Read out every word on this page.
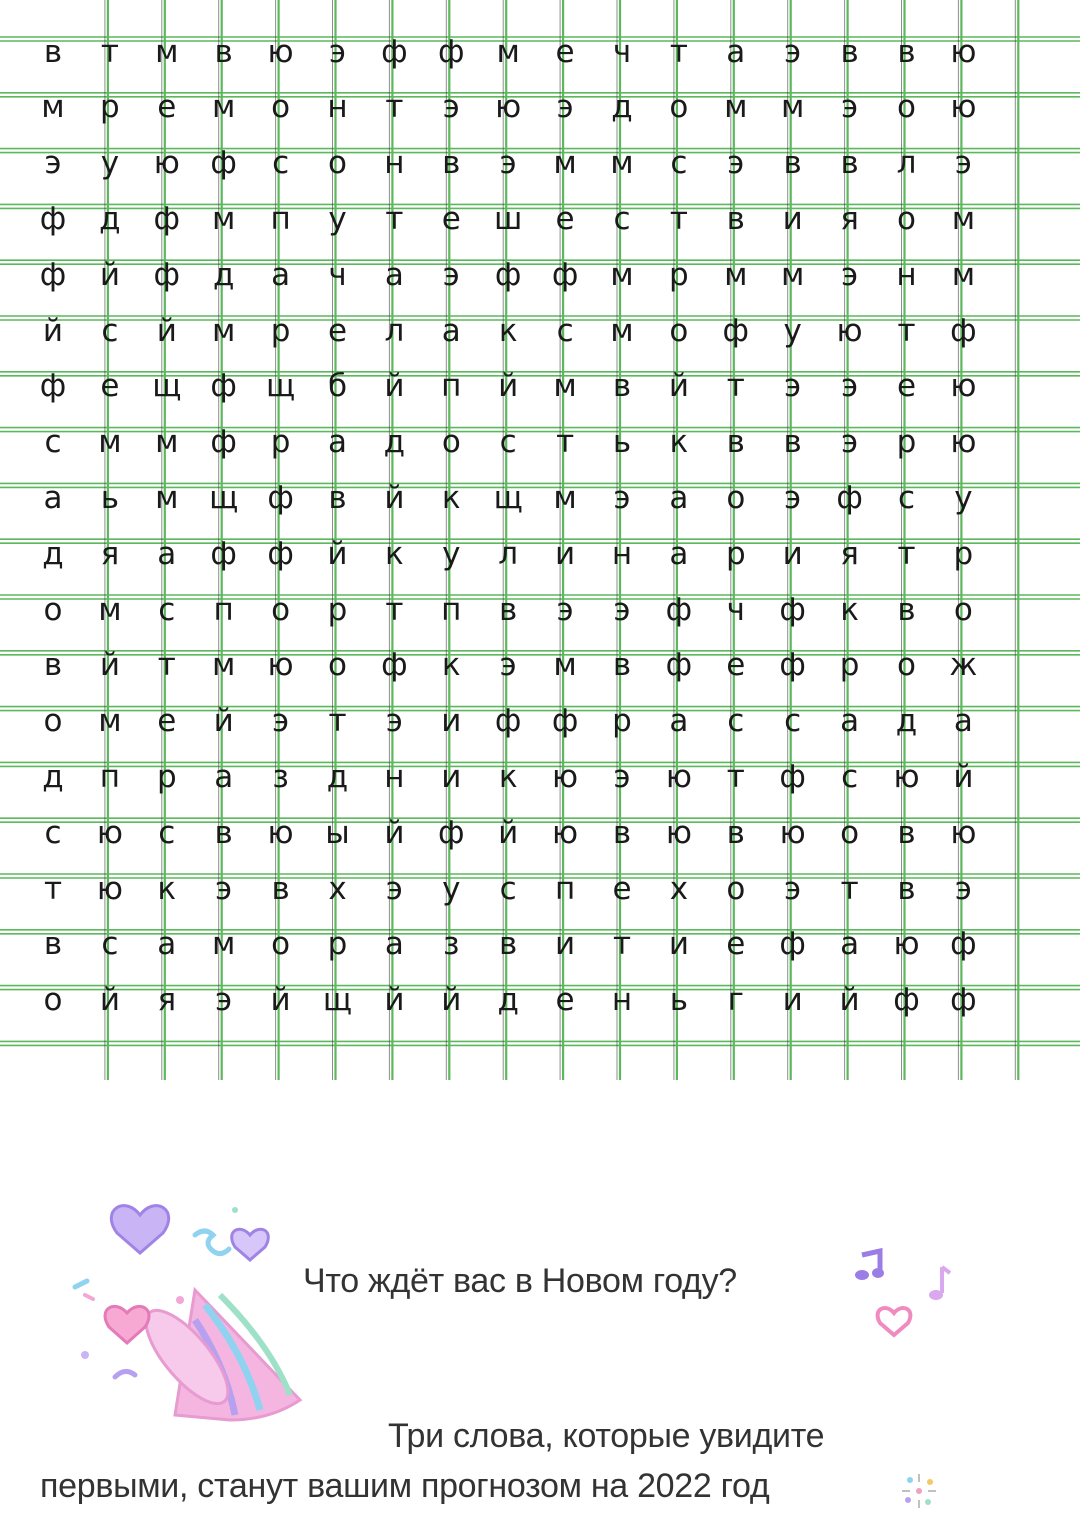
в	т	м	в	ю	э	ф ф	м	е	ч	т	а	э	в	в	ю
м	р	е	м	о	н	т	э	ю	э	д	о	м	м	э	о	ю
э	у	ю ф	с	о	н	в	э	м	м	с	э	в	в	л	э
ф	д	ф	м	п	у	т	е	ш	е	с	т	в	и	я	о	м
ф	й	ф	д	а	ч	а	э	ф ф	м	р	м	м	э	н	м
й	с	й	м	р	е	л	а	к	с	м	о	ф	у	ю	т	ф
ф	е	щ ф щ	б	й	п	й	м	в	й	т	э	э	е	ю
с	м	м	ф	р	а	д	о	с	т	ь	к	в	в	э	р	ю
а	ь	м щ ф	в	й	к	щ м	э	а	о	э	ф	с	у
д	я	а	ф ф	й	к	у	л	и	н	а	р	и	я	т	р
о	м	с	п	о	р	т	п	в	э	э	ф	ч	ф	к	в	о
в	й	т	м	ю	о	ф	к	э	м	в	ф	е	ф	р	о	ж
о	м	е	й	э	т	э	и	ф ф	р	а	с	с	а	д	а
д	п	р	а	з	д	н	и	к	ю	э	ю	т	ф	с	ю	й
с	ю	с	в	ю	ы	й	ф	й	ю	в	ю	в	ю	о	в	ю
т	ю	к	э	в	х	э	у	с	п	е	х	о	э	т	в	э
в	с	а	м	о	р	а	з	в	и	т	и	е	ф	а	ю ф
о	й	я	э	й	щ	й	й	д	е	н	ь	г	и	й	ф ф
Что ждёт вас в Новом году?
Три слова, которые увидите
первыми, станут вашим прогнозом на 2022 год
